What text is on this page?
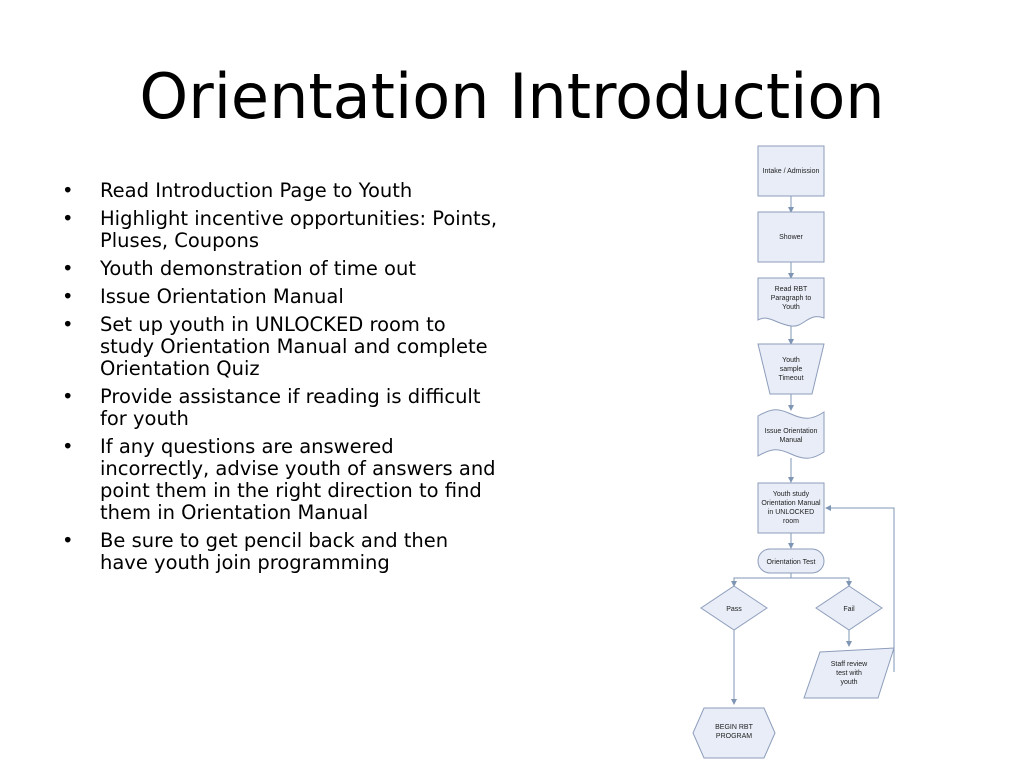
Orientation Introduction
• Read Introduction Page to Youth
• Highlight incentive opportunities: Points, Pluses, Coupons
• Youth demonstration of time out
• Issue Orientation Manual
• Set up youth in UNLOCKED room to study Orientation Manual and complete Orientation Quiz
• Provide assistance if reading is difficult for youth
• If any questions are answered incorrectly, advise youth of answers and point them in the right direction to find them in Orientation Manual
• Be sure to get pencil back and then have youth join programming
Intake / Admission
Shower
Read RBT
Paragraph to
Youth
Youth
sample
Timeout
Issue Orientation
Manual
Youth study
Orientation Manual
in UNLOCKED
room
Orientation Test
Pass	Fail
Staff review
test with
youth
BEGIN RBT
PROGRAM
